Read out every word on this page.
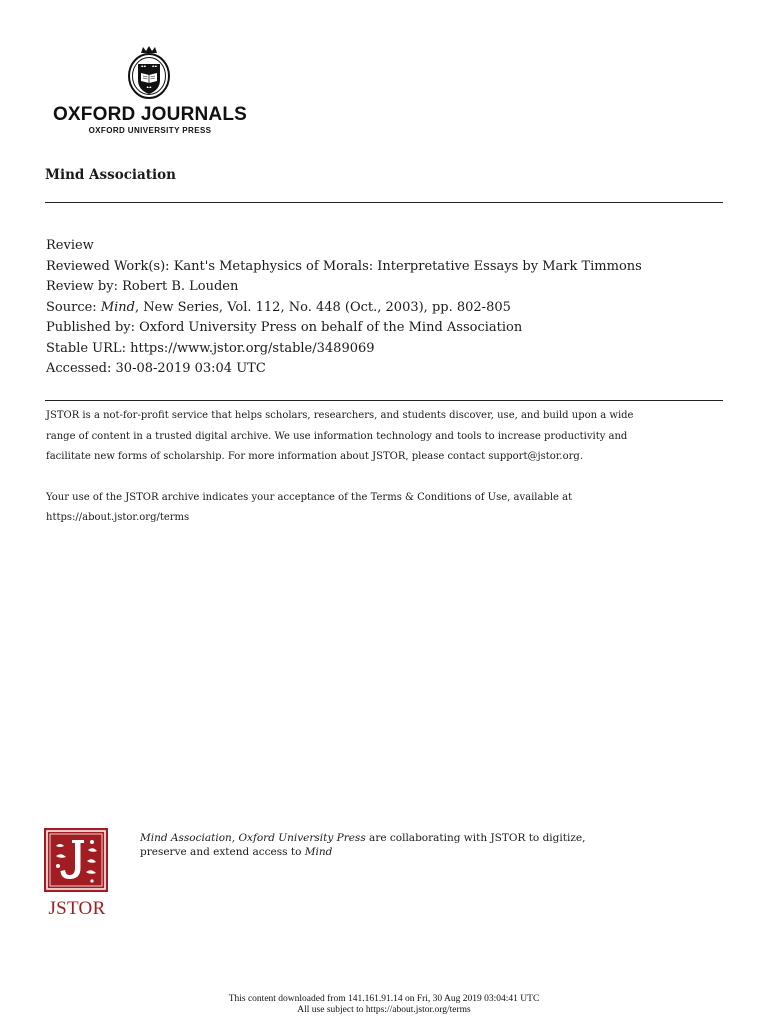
OXFORD JOURNALS
OXFORD UNIVERSITY PRESS
Mind Association
Review
Reviewed Work(s): Kant's Metaphysics of Morals: Interpretative Essays by Mark Timmons
Review by: Robert B. Louden
Source: Mind, New Series, Vol. 112, No. 448 (Oct., 2003), pp. 802-805
Published by: Oxford University Press on behalf of the Mind Association
Stable URL: https://www.jstor.org/stable/3489069
Accessed: 30-08-2019 03:04 UTC

JSTOR is a not-for-profit service that helps scholars, researchers, and students discover, use, and build upon a wide
range of content in a trusted digital archive. We use information technology and tools to increase productivity and
facilitate new forms of scholarship. For more information about JSTOR, please contact support@jstor.org.

Your use of the JSTOR archive indicates your acceptance of the Terms & Conditions of Use, available at
https://about.jstor.org/terms

JSTOR
Mind Association, Oxford University Press are collaborating with JSTOR to digitize,
preserve and extend access to Mind
This content downloaded from 141.161.91.14 on Fri, 30 Aug 2019 03:04:41 UTC
All use subject to https://about.jstor.org/terms
